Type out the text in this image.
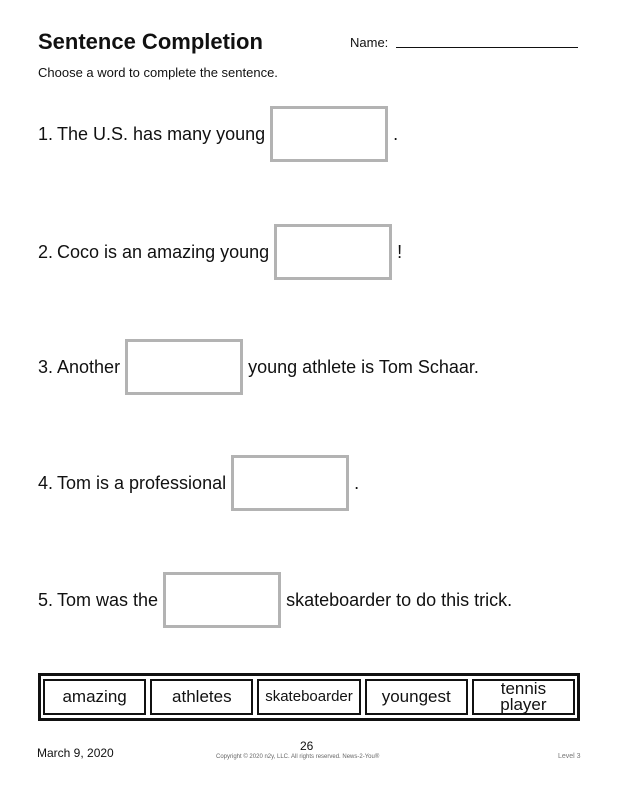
Sentence Completion	Name:
Choose a word to complete the sentence.
1. The U.S. has many young	.
2. Coco is an amazing young	!
3. Another	young athlete is Tom Schaar.
4. Tom is a professional	.
5. Tom was the	skateboarder to do this trick.
amazing	athletes	skateboarder	youngest	tennis player
March 9, 2020	26
Copyright © 2020 n2y, LLC. All rights reserved. News-2-You®	Level 3
